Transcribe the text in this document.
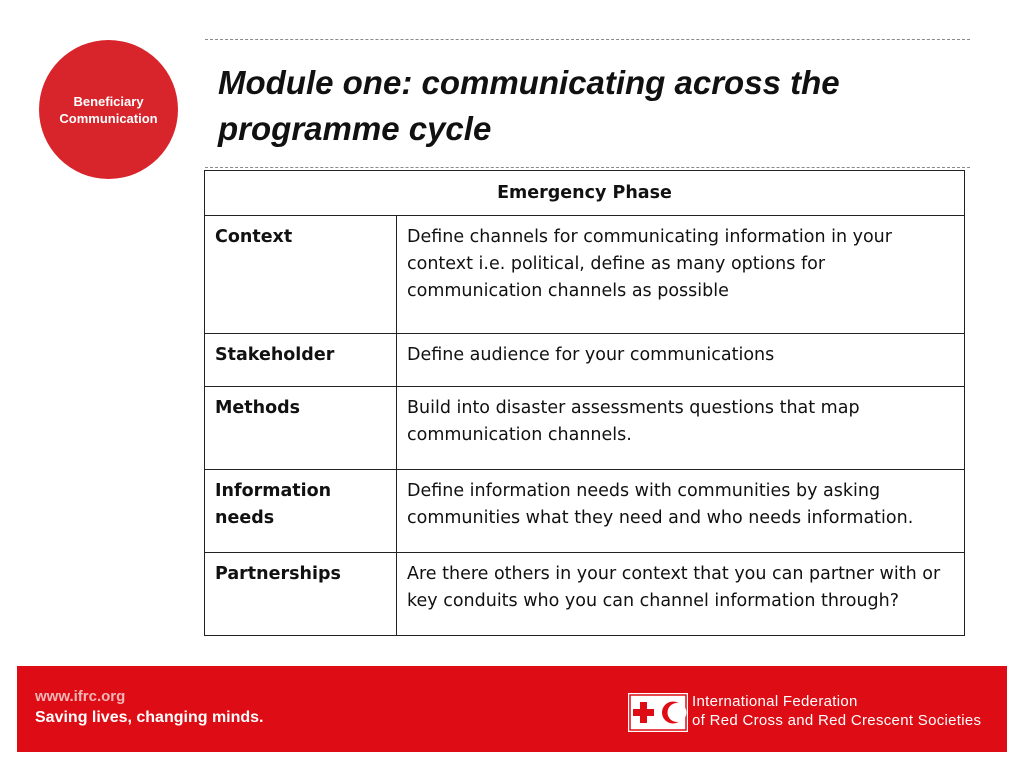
Beneficiary
Communication
Module one: communicating across the programme cycle
Emergency Phase	
Context	Define channels for communicating information in your context i.e. political, define as many options for communication channels as possible
Stakeholder	Define audience for your communications
Methods	Build into disaster assessments questions that map communication channels.
Information needs	Define information needs with communities by asking communities what they need and who needs information.
Partnerships	Are there others in your context that you can partner with or key conduits who you can channel information through?
www.ifrc.org
Saving lives, changing minds.
International Federation
of Red Cross and Red Crescent Societies
